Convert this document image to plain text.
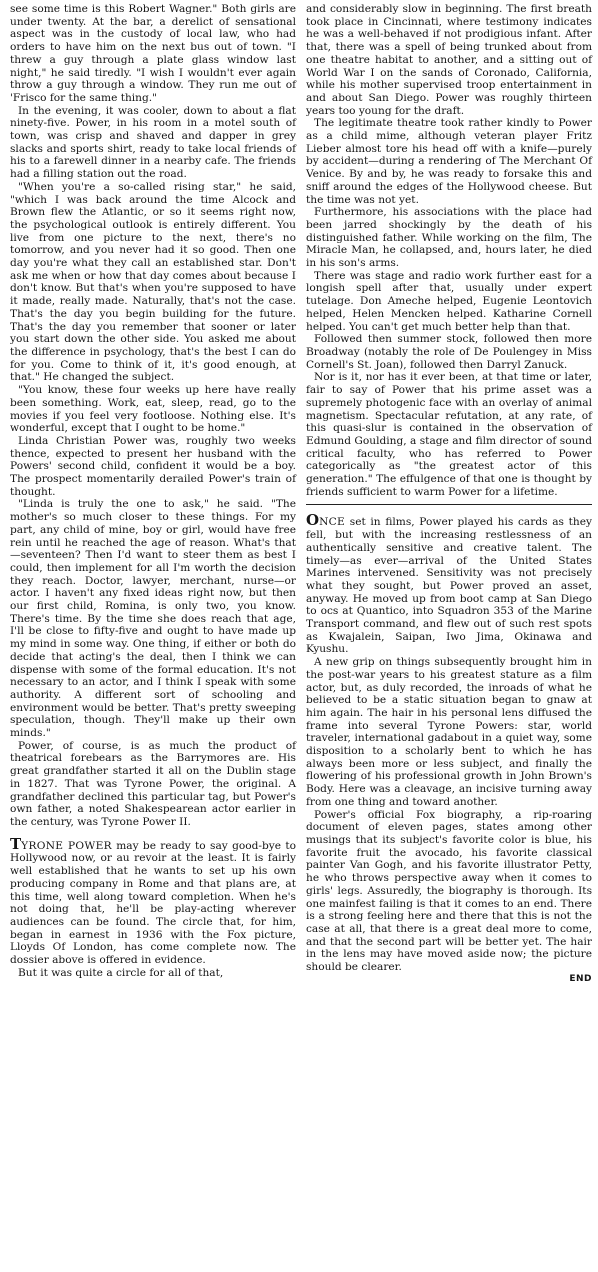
see some time is this Robert Wagner." Both girls are under twenty. At the bar, a derelict of sensational aspect was in the custody of local law, who had orders to have him on the next bus out of town. "I threw a guy through a plate glass window last night," he said tiredly. "I wish I wouldn't ever again throw a guy through a window. They run me out of 'Frisco for the same thing."

In the evening, it was cooler, down to about a flat ninety-five. Power, in his room in a motel south of town, was crisp and shaved and dapper in grey slacks and sports shirt, ready to take local friends of his to a farewell dinner in a nearby cafe. The friends had a filling station out the road.

"When you're a so-called rising star," he said, "which I was back around the time Alcock and Brown flew the Atlantic, or so it seems right now, the psychological outlook is entirely different. You live from one picture to the next, there's no tomorrow, and you never had it so good. Then one day you're what they call an established star. Don't ask me when or how that day comes about because I don't know. But that's when you're supposed to have it made, really made. Naturally, that's not the case. That's the day you begin building for the future. That's the day you remember that sooner or later you start down the other side. You asked me about the difference in psychology, that's the best I can do for you. Come to think of it, it's good enough, at that." He changed the subject.

"You know, these four weeks up here have really been something. Work, eat, sleep, read, go to the movies if you feel very footloose. Nothing else. It's wonderful, except that I ought to be home."

Linda Christian Power was, roughly two weeks thence, expected to present her husband with the Powers' second child, confident it would be a boy. The prospect momentarily derailed Power's train of thought.

"Linda is truly the one to ask," he said. "The mother's so much closer to these things. For my part, any child of mine, boy or girl, would have free rein until he reached the age of reason. What's that—seventeen? Then I'd want to steer them as best I could, then implement for all I'm worth the decision they reach. Doctor, lawyer, merchant, nurse—or actor. I haven't any fixed ideas right now, but then our first child, Romina, is only two, you know. There's time. By the time she does reach that age, I'll be close to fifty-five and ought to have made up my mind in some way. One thing, if either or both do decide that acting's the deal, then I think we can dispense with some of the formal education. It's not necessary to an actor, and I think I speak with some authority. A different sort of schooling and environment would be better. That's pretty sweeping speculation, though. They'll make up their own minds."

Power, of course, is as much the product of theatrical forebears as the Barrymores are. His great grandfather started it all on the Dublin stage in 1827. That was Tyrone Power, the original. A grandfather declined this particular tag, but Power's own father, a noted Shakespearean actor earlier in the century, was Tyrone Power II.

TYRONE POWER may be ready to say good-bye to Hollywood now, or au revoir at the least. It is fairly well established that he wants to set up his own producing company in Rome and that plans are, at this time, well along toward completion. When he's not doing that, he'll be play-acting wherever audiences can be found. The circle that, for him, began in earnest in 1936 with the Fox picture, Lloyds Of London, has come complete now. The dossier above is offered in evidence.

But it was quite a circle for all of that,

and considerably slow in beginning. The first breath took place in Cincinnati, where testimony indicates he was a well-behaved if not prodigious infant. After that, there was a spell of being trunked about from one theatre habitat to another, and a sitting out of World War I on the sands of Coronado, California, while his mother supervised troop entertainment in and about San Diego. Power was roughly thirteen years too young for the draft.

The legitimate theatre took rather kindly to Power as a child mime, although veteran player Fritz Lieber almost tore his head off with a knife—purely by accident—during a rendering of The Merchant Of Venice. By and by, he was ready to forsake this and sniff around the edges of the Hollywood cheese. But the time was not yet.

Furthermore, his associations with the place had been jarred shockingly by the death of his distinguished father. While working on the film, The Miracle Man, he collapsed, and, hours later, he died in his son's arms.

There was stage and radio work further east for a longish spell after that, usually under expert tutelage. Don Ameche helped, Eugenie Leontovich helped, Helen Mencken helped. Katharine Cornell helped. You can't get much better help than that.

Followed then summer stock, followed then more Broadway (notably the role of De Poulengey in Miss Cornell's St. Joan), followed then Darryl Zanuck.

Nor is it, nor has it ever been, at that time or later, fair to say of Power that his prime asset was a supremely photogenic face with an overlay of animal magnetism. Spectacular refutation, at any rate, of this quasi-slur is contained in the observation of Edmund Goulding, a stage and film director of sound critical faculty, who has referred to Power categorically as "the greatest actor of this generation." The effulgence of that one is thought by friends sufficient to warm Power for a lifetime.

ONCE set in films, Power played his cards as they fell, but with the increasing restlessness of an authentically sensitive and creative talent. The timely—as ever—arrival of the United States Marines intervened. Sensitivity was not precisely what they sought, but Power proved an asset, anyway. He moved up from boot camp at San Diego to ocs at Quantico, into Squadron 353 of the Marine Transport command, and flew out of such rest spots as Kwajalein, Saipan, Iwo Jima, Okinawa and Kyushu.

A new grip on things subsequently brought him in the post-war years to his greatest stature as a film actor, but, as duly recorded, the inroads of what he believed to be a static situation began to gnaw at him again. The hair in his personal lens diffused the frame into several Tyrone Powers: star, world traveler, international gadabout in a quiet way, some disposition to a scholarly bent to which he has always been more or less subject, and finally the flowering of his professional growth in John Brown's Body. Here was a cleavage, an incisive turning away from one thing and toward another.

Power's official Fox biography, a rip-roaring document of eleven pages, states among other musings that its subject's favorite color is blue, his favorite fruit the avocado, his favorite classical painter Van Gogh, and his favorite illustrator Petty, he who throws perspective away when it comes to girls' legs. Assuredly, the biography is thorough. Its one mainfest failing is that it comes to an end. There is a strong feeling here and there that this is not the case at all, that there is a great deal more to come, and that the second part will be better yet. The hair in the lens may have moved aside now; the picture should be clearer.

END
